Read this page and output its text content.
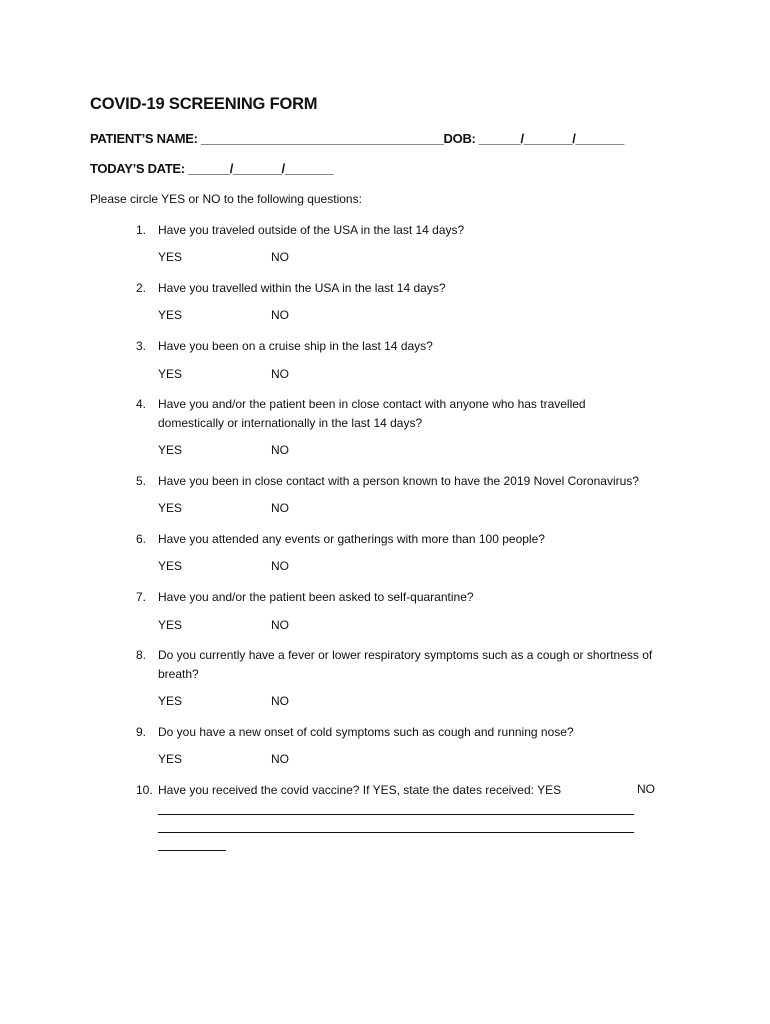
COVID-19 SCREENING FORM
PATIENT’S NAME: ___________________________________DOB: ______/_______/_______
TODAY’S DATE: ______/_______/_______
Please circle YES or NO to the following questions:
1. Have you traveled outside of the USA in the last 14 days?
YES	NO
2. Have you travelled within the USA in the last 14 days?
YES	NO
3. Have you been on a cruise ship in the last 14 days?
YES	NO
4. Have you and/or the patient been in close contact with anyone who has travelled domestically or internationally in the last 14 days?
YES	NO
5. Have you been in close contact with a person known to have the 2019 Novel Coronavirus?
YES	NO
6. Have you attended any events or gatherings with more than 100 people?
YES	NO
7. Have you and/or the patient been asked to self-quarantine?
YES	NO
8. Do you currently have a fever or lower respiratory symptoms such as a cough or shortness of breath?
YES	NO
9. Do you have a new onset of cold symptoms such as cough and running nose?
YES	NO
10. Have you received the covid vaccine? If YES, state the dates received: YES	NO
